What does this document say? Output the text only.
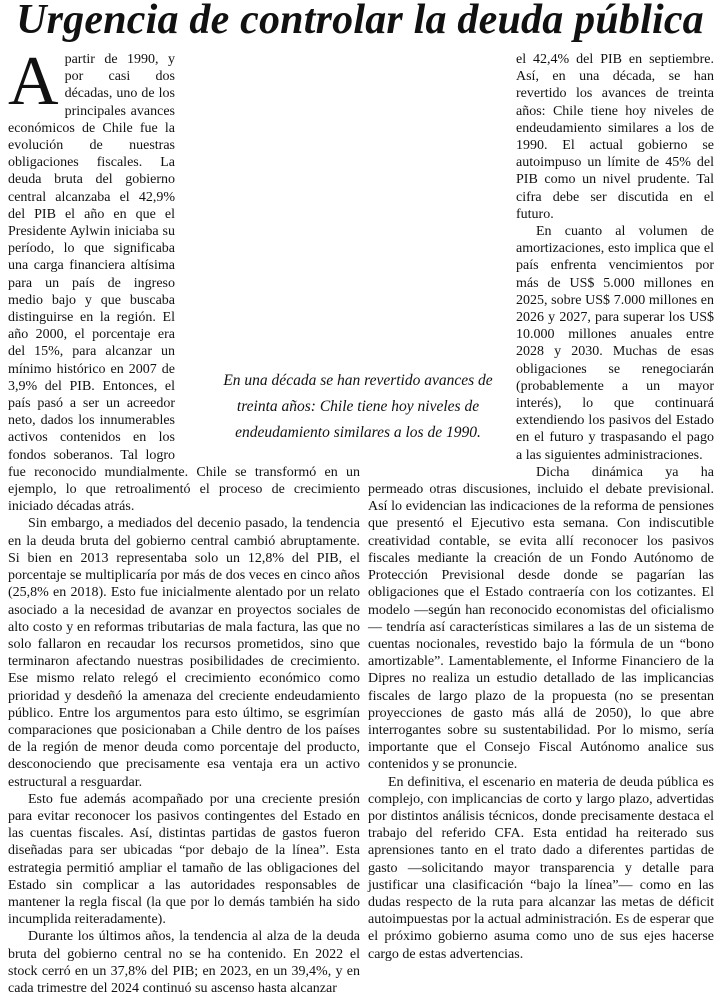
Urgencia de controlar la deuda pública
A partir de 1990, y por casi dos décadas, uno de los principales avances económicos de Chile fue la evolución de nuestras obligaciones fiscales. La deuda bruta del gobierno central alcanzaba el 42,9% del PIB el año en que el Presidente Aylwin iniciaba su período, lo que significaba una carga financiera altísima para un país de ingreso medio bajo y que buscaba distinguirse en la región. El año 2000, el porcentaje era del 15%, para alcanzar un mínimo histórico en 2007 de 3,9% del PIB. Entonces, el país pasó a ser un acreedor neto, dados los innumerables activos contenidos en los fondos soberanos. Tal logro fue reconocido mundialmente. Chile se transformó en un ejemplo, lo que retroalimentó el proceso de crecimiento iniciado décadas atrás.

Sin embargo, a mediados del decenio pasado, la tendencia en la deuda bruta del gobierno central cambió abruptamente. Si bien en 2013 representaba solo un 12,8% del PIB, el porcentaje se multiplicaría por más de dos veces en cinco años (25,8% en 2018). Esto fue inicialmente alentado por un relato asociado a la necesidad de avanzar en proyectos sociales de alto costo y en reformas tributarias de mala factura, las que no solo fallaron en recaudar los recursos prometidos, sino que terminaron afectando nuestras posibilidades de crecimiento. Ese mismo relato relegó el crecimiento económico como prioridad y desdeñó la amenaza del creciente endeudamiento público. Entre los argumentos para esto último, se esgrimían comparaciones que posicionaban a Chile dentro de los países de la región de menor deuda como porcentaje del producto, desconociendo que precisamente esa ventaja era un activo estructural a resguardar.

Esto fue además acompañado por una creciente presión para evitar reconocer los pasivos contingentes del Estado en las cuentas fiscales. Así, distintas partidas de gastos fueron diseñadas para ser ubicadas “por debajo de la línea”. Esta estrategia permitió ampliar el tamaño de las obligaciones del Estado sin complicar a las autoridades responsables de mantener la regla fiscal (la que por lo demás también ha sido incumplida reiteradamente).

Durante los últimos años, la tendencia al alza de la deuda bruta del gobierno central no se ha contenido. En 2022 el stock cerró en un 37,8% del PIB; en 2023, en un 39,4%, y en cada trimestre del 2024 continuó su ascenso hasta alcanzar

el 42,4% del PIB en septiembre. Así, en una década, se han revertido los avances de treinta años: Chile tiene hoy niveles de endeudamiento similares a los de 1990. El actual gobierno se autoimpuso un límite de 45% del PIB como un nivel prudente. Tal cifra debe ser discutida en el futuro.

En cuanto al volumen de amortizaciones, esto implica que el país enfrenta vencimientos por más de US$ 5.000 millones en 2025, sobre US$ 7.000 millones en 2026 y 2027, para superar los US$ 10.000 millones anuales entre 2028 y 2030. Muchas de esas obligaciones se renegociarán (probablemente a un mayor interés), lo que continuará extendiendo los pasivos del Estado en el futuro y traspasando el pago a las siguientes administraciones.

Dicha dinámica ya ha permeado otras discusiones, incluido el debate previsional. Así lo evidencian las indicaciones de la reforma de pensiones que presentó el Ejecutivo esta semana. Con indiscutible creatividad contable, se evita allí reconocer los pasivos fiscales mediante la creación de un Fondo Autónomo de Protección Previsional desde donde se pagarían las obligaciones que el Estado contraería con los cotizantes. El modelo —según han reconocido economistas del oficialismo— tendría así características similares a las de un sistema de cuentas nocionales, revestido bajo la fórmula de un “bono amortizable”. Lamentablemente, el Informe Financiero de la Dipres no realiza un estudio detallado de las implicancias fiscales de largo plazo de la propuesta (no se presentan proyecciones de gasto más allá de 2050), lo que abre interrogantes sobre su sustentabilidad. Por lo mismo, sería importante que el Consejo Fiscal Autónomo analice sus contenidos y se pronuncie.

En definitiva, el escenario en materia de deuda pública es complejo, con implicancias de corto y largo plazo, advertidas por distintos análisis técnicos, donde precisamente destaca el trabajo del referido CFA. Esta entidad ha reiterado sus aprensiones tanto en el trato dado a diferentes partidas de gasto —solicitando mayor transparencia y detalle para justificar una clasificación “bajo la línea”— como en las dudas respecto de la ruta para alcanzar las metas de déficit autoimpuestas por la actual administración. Es de esperar que el próximo gobierno asuma como uno de sus ejes hacerse cargo de estas advertencias.

En una década se han revertido avances de treinta años: Chile tiene hoy niveles de endeudamiento similares a los de 1990.
